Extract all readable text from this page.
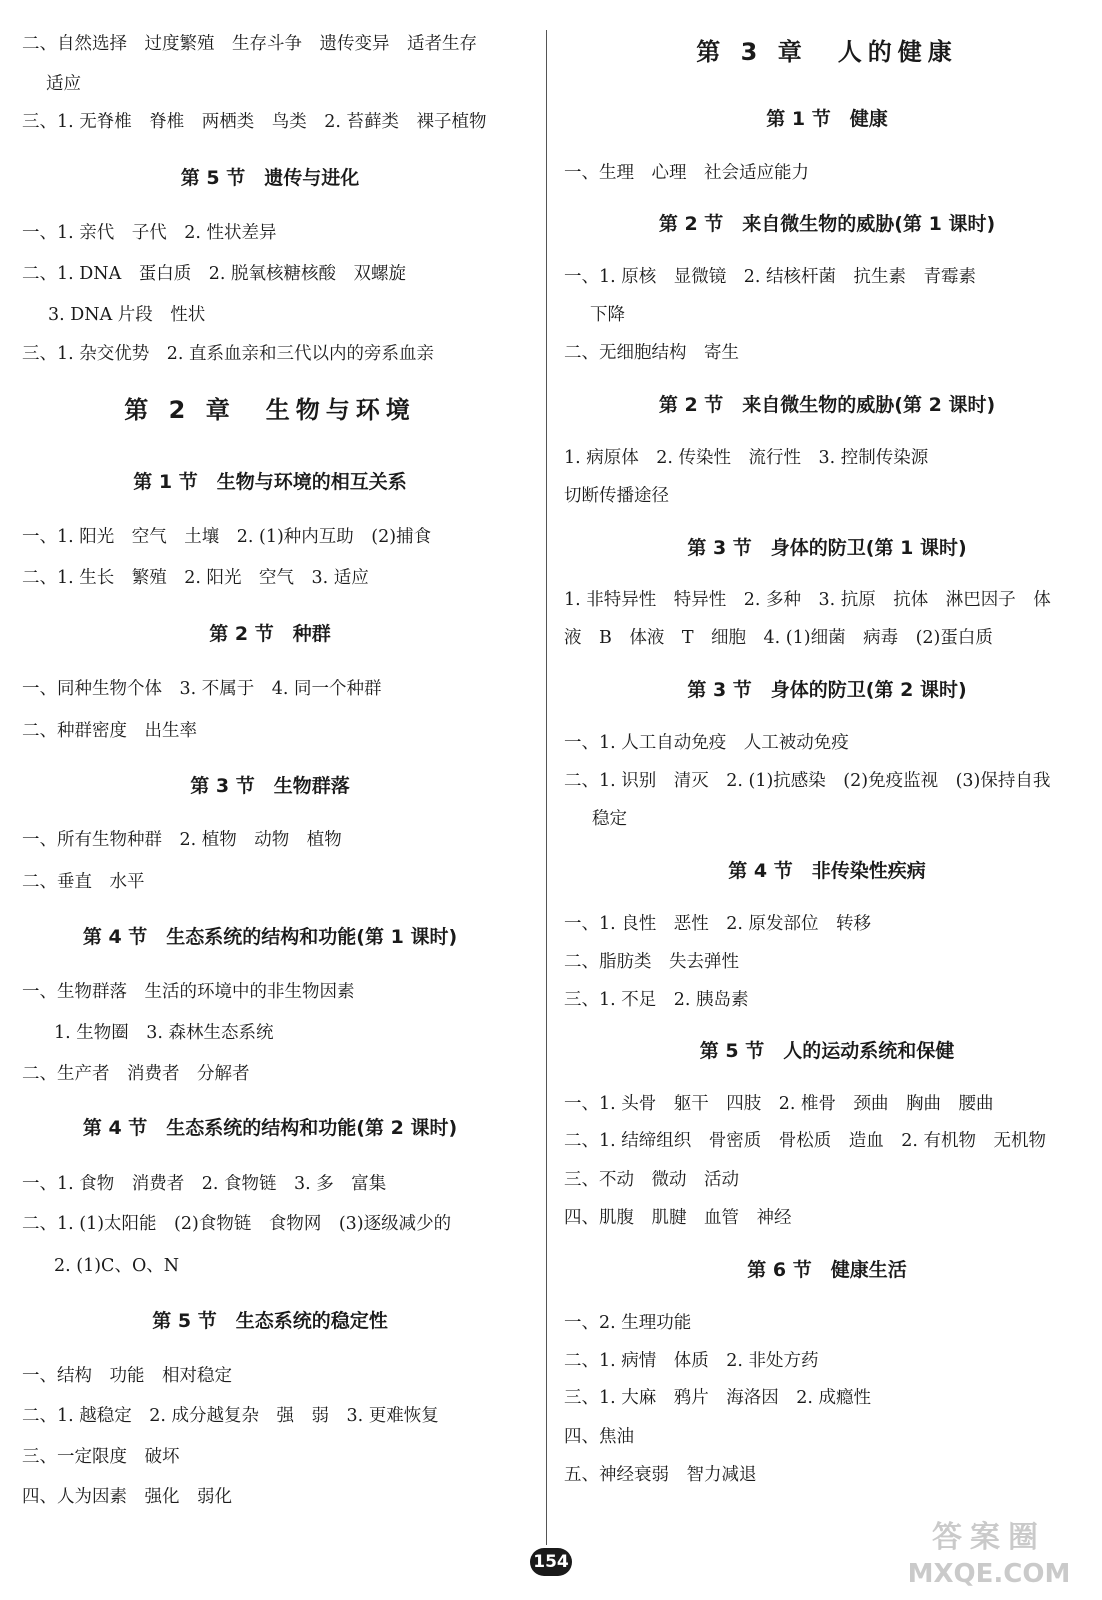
二、自然选择　过度繁殖　生存斗争　遗传变异　适者生存
适应
三、1. 无脊椎　脊椎　两栖类　鸟类　2. 苔藓类　裸子植物
第 5 节　遗传与进化
一、1. 亲代　子代　2. 性状差异
二、1. DNA　蛋白质　2. 脱氧核糖核酸　双螺旋
3. DNA 片段　性状
三、1. 杂交优势　2. 直系血亲和三代以内的旁系血亲
第 2 章　生物与环境
第 1 节　生物与环境的相互关系
一、1. 阳光　空气　土壤　2. (1)种内互助　(2)捕食
二、1. 生长　繁殖　2. 阳光　空气　3. 适应
第 2 节　种群
一、同种生物个体　3. 不属于　4. 同一个种群
二、种群密度　出生率
第 3 节　生物群落
一、所有生物种群　2. 植物　动物　植物
二、垂直　水平
第 4 节　生态系统的结构和功能(第 1 课时)
一、生物群落　生活的环境中的非生物因素
1. 生物圈　3. 森林生态系统
二、生产者　消费者　分解者
第 4 节　生态系统的结构和功能(第 2 课时)
一、1. 食物　消费者　2. 食物链　3. 多　富集
二、1. (1)太阳能　(2)食物链　食物网　(3)逐级减少的
2. (1)C、O、N
第 5 节　生态系统的稳定性
一、结构　功能　相对稳定
二、1. 越稳定　2. 成分越复杂　强　弱　3. 更难恢复
三、一定限度　破坏
四、人为因素　强化　弱化
第 3 章　人的健康
第 1 节　健康
一、生理　心理　社会适应能力
第 2 节　来自微生物的威胁(第 1 课时)
一、1. 原核　显微镜　2. 结核杆菌　抗生素　青霉素
下降
二、无细胞结构　寄生
第 2 节　来自微生物的威胁(第 2 课时)
1. 病原体　2. 传染性　流行性　3. 控制传染源
切断传播途径
第 3 节　身体的防卫(第 1 课时)
1. 非特异性　特异性　2. 多种　3. 抗原　抗体　淋巴因子　体
液　B　体液　T　细胞　4. (1)细菌　病毒　(2)蛋白质
第 3 节　身体的防卫(第 2 课时)
一、1. 人工自动免疫　人工被动免疫
二、1. 识别　清灭　2. (1)抗感染　(2)免疫监视　(3)保持自我
稳定
第 4 节　非传染性疾病
一、1. 良性　恶性　2. 原发部位　转移
二、脂肪类　失去弹性
三、1. 不足　2. 胰岛素
第 5 节　人的运动系统和保健
一、1. 头骨　躯干　四肢　2. 椎骨　颈曲　胸曲　腰曲
二、1. 结缔组织　骨密质　骨松质　造血　2. 有机物　无机物
三、不动　微动　活动
四、肌腹　肌腱　血管　神经
第 6 节　健康生活
一、2. 生理功能
二、1. 病情　体质　2. 非处方药
三、1. 大麻　鸦片　海洛因　2. 成瘾性
四、焦油
五、神经衰弱　智力减退
154
答案圈
MXQE.COM
